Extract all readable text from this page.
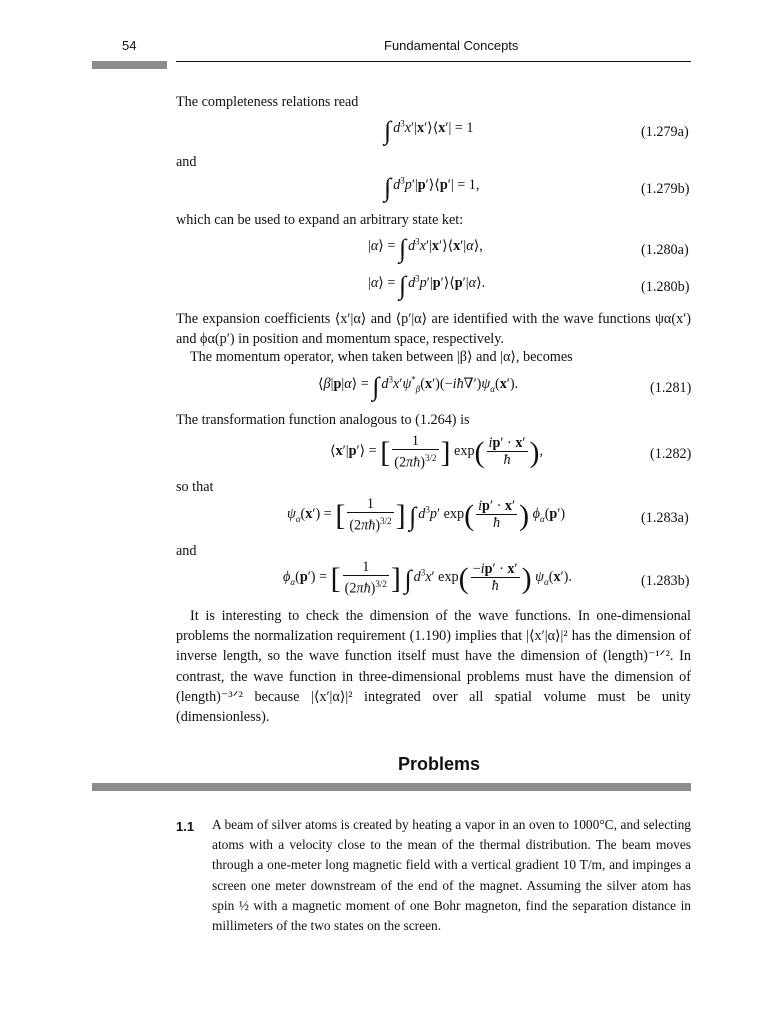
54	Fundamental Concepts
The completeness relations read
∫ $d^3x'|x'⟩⟨x'| = 1$	(1.279a)
and
∫ $d^3p'|p'⟩⟨p'| = 1$,	(1.279b)
which can be used to expand an arbitrary state ket:
|α⟩ = ∫ $d^3x'|x'⟩⟨x'|\alpha⟩$,	(1.280a)
|α⟩ = ∫ $d^3p'|p'⟩⟨p'|\alpha⟩$.	(1.280b)
The expansion coefficients ⟨x′|α⟩ and ⟨p′|α⟩ are identified with the wave functions ψα(x′) and ϕα(p′) in position and momentum space, respectively.
The momentum operator, when taken between |β⟩ and |α⟩, becomes
⟨β|p|α⟩ = ∫ $d^3x'\psi^*_\beta(x')(-iħ\nabla')\psi_\alpha(x')$.	(1.281)
The transformation function analogous to (1.264) is
⟨x′|p′⟩ = [ $\frac{1}{(2\pi ħ)^{3/2}}$ ] $\exp( \frac{ip' \cdot x'}{ħ}$ ),	(1.282)
so that
$\psi_\alpha(x')$ = [ $\frac{1}{(2\pi ħ)^{3/2}}$ ] ∫ $d^3p'$ $\exp( \frac{ip' \cdot x'}{ħ}$ ) $\phi_\alpha(p')$	(1.283a)
and
$\phi_\alpha(p')$ = [ $\frac{1}{(2\pi ħ)^{3/2}}$ ] ∫ $d^3x'$ $\exp( \frac{-ip' \cdot x'}{ħ}$ ) $\psi_\alpha(x')$.	(1.283b)
It is interesting to check the dimension of the wave functions. In one-dimensional problems the normalization requirement (1.190) implies that |⟨x′|α⟩|² has the dimension of inverse length, so the wave function itself must have the dimension of (length)⁻¹ᐟ². In contrast, the wave function in three-dimensional problems must have the dimension of (length)⁻³ᐟ² because |⟨x′|α⟩|² integrated over all spatial volume must be unity (dimensionless).
Problems
1.1 A beam of silver atoms is created by heating a vapor in an oven to 1000°C, and selecting atoms with a velocity close to the mean of the thermal distribution. The beam moves through a one-meter long magnetic field with a vertical gradient 10 T/m, and impinges a screen one meter downstream of the end of the magnet. Assuming the silver atom has spin ½ with a magnetic moment of one Bohr magneton, find the separation distance in millimeters of the two states on the screen.
